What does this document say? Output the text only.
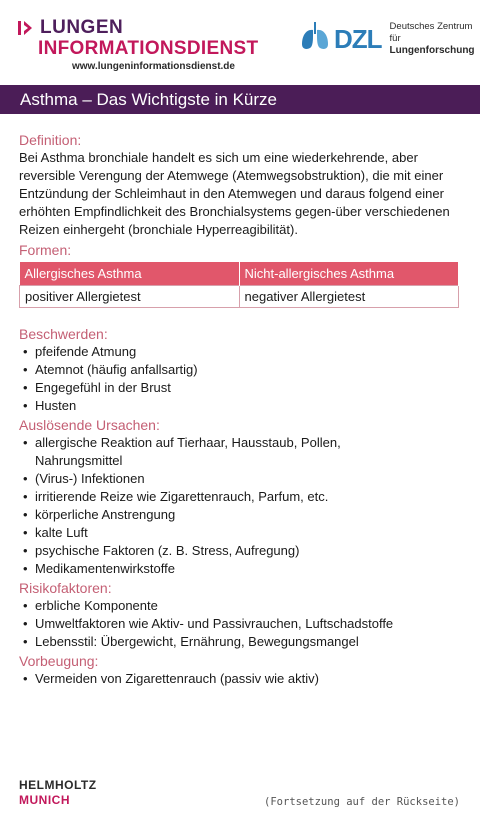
LUNGEN
INFORMATIONSDIENST
www.lungeninformationsdienst.de
DZL Deutsches Zentrum für
Lungenforschung
Asthma – Das Wichtigste in Kürze
Definition:
Bei Asthma bronchiale handelt es sich um eine wiederkehrende, aber reversible Verengung der Atemwege (Atemwegsobstruktion), die mit einer Entzündung der Schleimhaut in den Atemwegen und daraus folgend einer erhöhten Empfindlichkeit des Bronchialsystems gegen-über verschiedenen Reizen einhergeht (bronchiale Hyperreagibilität).
Formen:
Allergisches Asthma	Nicht-allergisches Asthma
positiver Allergietest	negativer Allergietest
Beschwerden:
• pfeifende Atmung
• Atemnot (häufig anfallsartig)
• Engegefühl in der Brust
• Husten
Auslösende Ursachen:
• allergische Reaktion auf Tierhaar, Hausstaub, Pollen, Nahrungsmittel
• (Virus-) Infektionen
• irritierende Reize wie Zigarettenrauch, Parfum, etc.
• körperliche Anstrengung
• kalte Luft
• psychische Faktoren (z. B. Stress, Aufregung)
• Medikamentenwirkstoffe
Risikofaktoren:
• erbliche Komponente
• Umweltfaktoren wie Aktiv- und Passivrauchen, Luftschadstoffe
• Lebensstil: Übergewicht, Ernährung, Bewegungsmangel
Vorbeugung:
• Vermeiden von Zigarettenrauch (passiv wie aktiv)
HELMHOLTZ
MUNICH	(Fortsetzung auf der Rückseite)
